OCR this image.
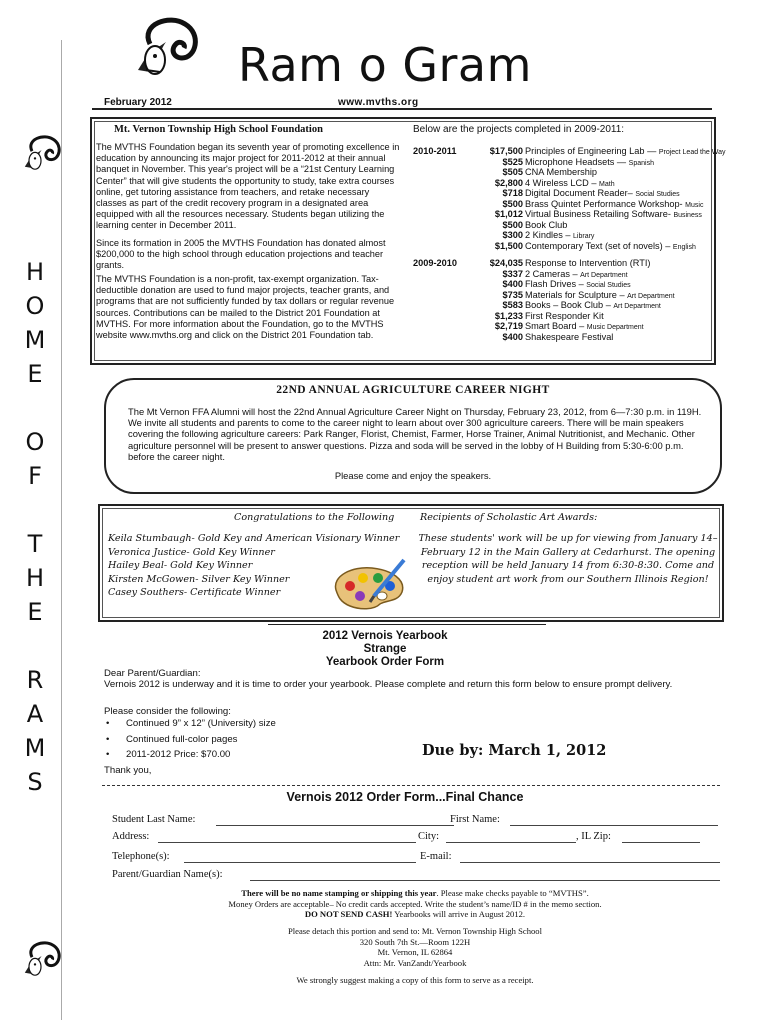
Ram o Gram
February 2012	www.mvths.org
H
O
M
E
O
F
T
H
E
R
A
M
S
Mt. Vernon Township High School Foundation
The MVTHS Foundation began its seventh year of promoting excellence in education by announcing its major project for 2011-2012 at their annual banquet in November. This year's project will be a “21st Century Learning Center” that will give students the opportunity to study, take extra courses online, get tutoring assistance from teachers, and retake necessary classes as part of the credit recovery program in a designated area equipped with all the resources necessary. Students began utilizing the learning center in December 2011.
Since its formation in 2005 the MVTHS Foundation has donated almost $200,000 to the high school through education projections and teacher grants.
The MVTHS Foundation is a non-profit, tax-exempt organization. Tax-deductible donation are used to fund major projects, teacher grants, and programs that are not sufficiently funded by tax dollars or regular revenue sources. Contributions can be mailed to the District 201 Foundation at MVTHS. For more information about the Foundation, go to the MVTHS website www.mvths.org and click on the District 201 Foundation tab.
Below are the projects completed in 2009-2011:
2010-2011	$17,500 Principles of Engineering Lab — Project Lead the Way
$525 Microphone Headsets — Spanish
$505 CNA Membership
$2,800 4 Wireless LCD – Math
$718 Digital Document Reader– Social Studies
$500 Brass Quintet Performance Workshop- Music
$1,012 Virtual Business Retailing Software- Business
$500 Book Club
$300 2 Kindles – Library
$1,500 Contemporary Text (set of novels) – English
2009-2010	$24,035 Response to Intervention (RTI)
$337 2 Cameras – Art Department
$400 Flash Drives – Social Studies
$735 Materials for Sculpture – Art Department
$583 Books – Book Club – Art Department
$1,233 First Responder Kit
$2,719 Smart Board – Music Department
$400 Shakespeare Festival
22ND ANNUAL AGRICULTURE CAREER NIGHT
The Mt Vernon FFA Alumni will host the 22nd Annual Agriculture Career Night on Thursday, February 23, 2012, from 6—7:30 p.m. in 119H. We invite all students and parents to come to the career night to learn about over 300 agriculture careers. There will be main speakers covering the following agriculture careers: Park Ranger, Florist, Chemist, Farmer, Horse Trainer, Animal Nutritionist, and Mechanic. Other agriculture personnel will be present to answer questions. Pizza and soda will be served in the lobby of H Building from 5:30-6:00 p.m. before the career night.
Please come and enjoy the speakers.
Congratulations to the Following	Recipients of Scholastic Art Awards:
Keila Stumbaugh- Gold Key and American Visionary Winner
Veronica Justice- Gold Key Winner
Hailey Beal- Gold Key Winner
Kirsten McGowen- Silver Key Winner
Casey Southers- Certificate Winner
These students' work will be up for viewing from January 14–February 12 in the Main Gallery at Cedarhurst. The opening reception will be held January 14 from 6:30-8:30. Come and enjoy student art work from our Southern Illinois Region!
2012 Vernois Yearbook
Strange
Yearbook Order Form
Dear Parent/Guardian:
Vernois 2012 is underway and it is time to order your yearbook. Please complete and return this form below to ensure prompt delivery.
Please consider the following:
• Continued 9” x 12” (University) size
• Continued full-color pages
• 2011-2012 Price: $70.00	Due by: March 1, 2012
Thank you,
Vernois 2012 Order Form...Final Chance
Student Last Name:	First Name:
Address:	City:	, IL Zip:
Telephone(s):	E-mail:
Parent/Guardian Name(s):
There will be no name stamping or shipping this year. Please make checks payable to “MVTHS”.
Money Orders are acceptable– No credit cards accepted. Write the student’s name/ID # in the memo section.
DO NOT SEND CASH! Yearbooks will arrive in August 2012.
Please detach this portion and send to: Mt. Vernon Township High School
320 South 7th St.—Room 122H
Mt. Vernon, IL 62864
Attn: Mr. VanZandt/Yearbook
We strongly suggest making a copy of this form to serve as a receipt.
